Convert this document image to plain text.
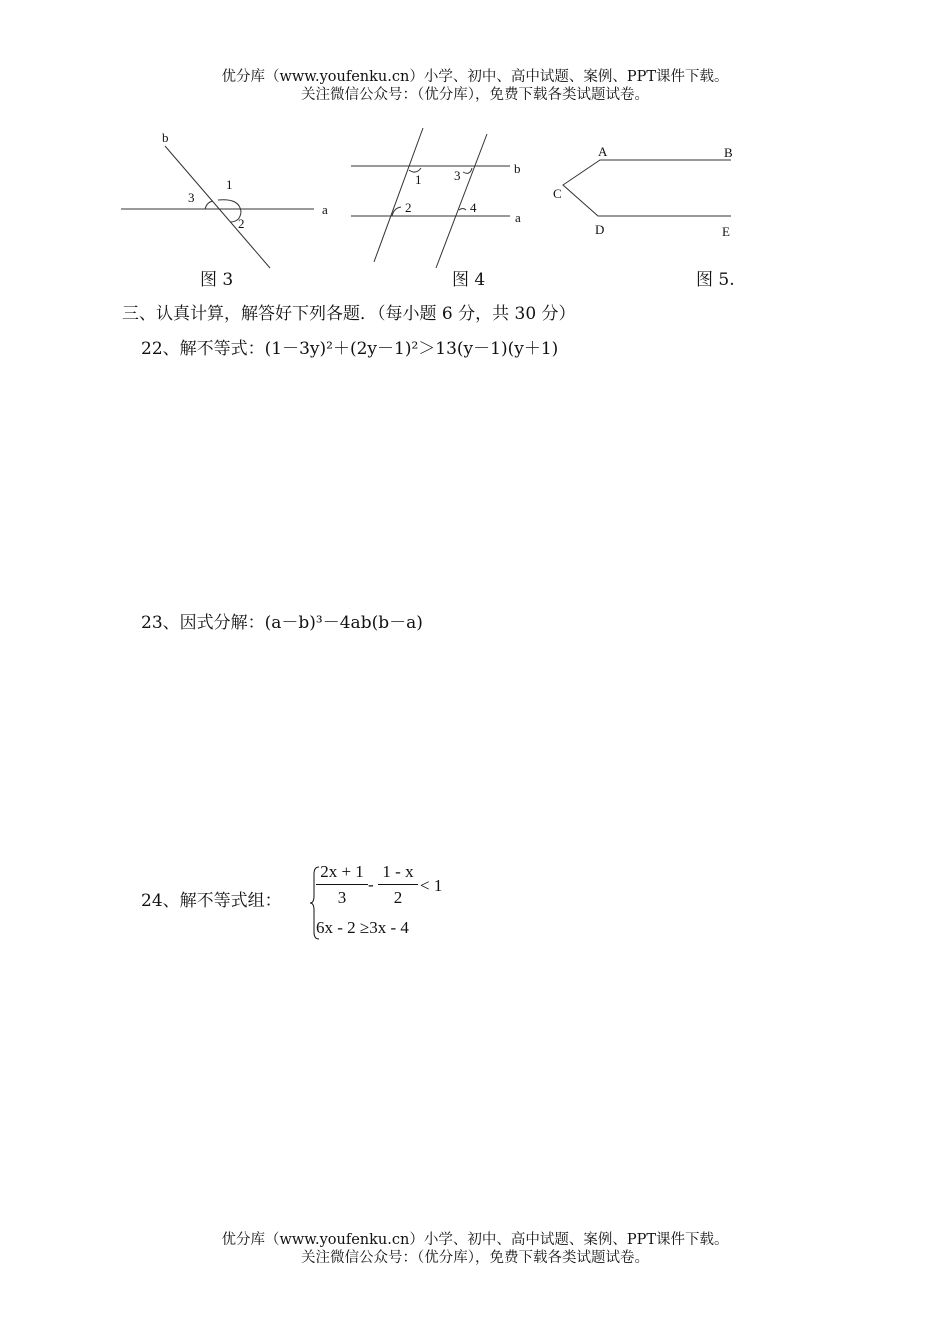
优分库（www.youfenku.cn）小学、初中、高中试题、案例、PPT课件下载。
关注微信公众号：（优分库），免费下载各类试题试卷。
b
a
1
2
3
b
a
1	3
2	4
A	B
C
D	E
图 3	图 4	图 5.
三、认真计算，解答好下列各题．（每小题 6 分，共 30 分）
22、解不等式：(1－3y)²＋(2y－1)²＞13(y－1)(y＋1)
23、因式分解：(a－b)³－4ab(b－a)
24、解不等式组： $\frac{2x + 1}{3} - \frac{1 - x}{2} < 1$
6x - 2 ≥3x - 4
优分库（www.youfenku.cn）小学、初中、高中试题、案例、PPT课件下载。
关注微信公众号：（优分库），免费下载各类试题试卷。
